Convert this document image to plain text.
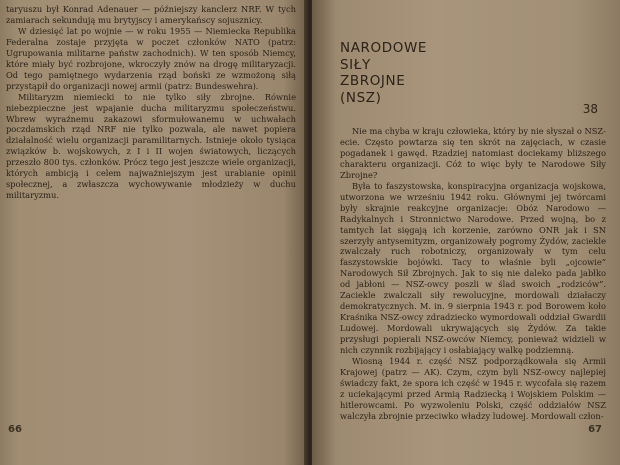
taryuszu był Konrad Adenauer — późniejszy kanclerz NRF. W tych zamiarach sekundują mu brytyjscy i amerykańscy sojusznicy.

W dziesięć lat po wojnie — w roku 1955 — Niemiecka Republika Federalna zostaje przyjęta w poczet członków NATO (patrz: Ugrupowania militarne państw zachodnich). W ten sposób Niemcy, które miały być rozbrojone, wkroczyły znów na drogę militaryzacji. Od tego pamiętnego wydarzenia rząd boński ze wzmożoną siłą przystąpił do organizacji nowej armii (patrz: Bundeswehra).

Militaryzm niemiecki to nie tylko siły zbrojne. Równie niebezpieczne jest wpajanie ducha militaryzmu społeczeństwu. Wbrew wyraźnemu zakazowi sformułowanemu w uchwałach poczdamskich rząd NRF nie tylko pozwala, ale nawet popiera działalność wielu organizacji paramilitarnych. Istnieje około tysiąca związków b. wojskowych, z I i II wojen światowych, liczących przeszło 800 tys. członków. Prócz tego jest jeszcze wiele organizacji, których ambicją i celem najważniejszym jest urabianie opinii społecznej, a zwłaszcza wychowywanie młodzieży w duchu militaryzmu.

66	67
NARODOWE
SIŁY
ZBROJNE
(NSZ)
38

Nie ma chyba w kraju człowieka, który by nie słyszał o NSZ-ecie. Często powtarza się ten skrót na zajęciach, w czasie pogadanek i gawęd. Rzadziej natomiast dociekamy bliższego charakteru organizacji. Cóż to więc były te Narodowe Siły Zbrojne?

Była to faszystowska, konspiracyjna organizacja wojskowa, utworzona we wrześniu 1942 roku. Głównymi jej twórcami były skrajnie reakcyjne organizacje: Obóz Narodowo — Radykalnych i Stronnictwo Narodowe. Przed wojną, bo z tamtych lat sięgają ich korzenie, zarówno ONR jak i SN szerzyły antysemityzm, organizowały pogromy Żydów, zaciekle zwalczały ruch robotniczy, organizowały w tym celu faszystowskie bojówki. Tacy to właśnie byli „ojcowie” Narodowych Sił Zbrojnych. Jak to się nie daleko pada jabłko od jabłoni — NSZ-owcy poszli w ślad swoich „rodziców”. Zaciekle zwalczali siły rewolucyjne, mordowali działaczy demokratycznych. M. in. 9 sierpnia 1943 r. pod Borowem koło Kraśnika NSZ-owcy zdradziecko wymordowali oddział Gwardii Ludowej. Mordowali ukrywających się Żydów. Za takie przysługi popierali NSZ-owców Niemcy, ponieważ widzieli w nich czynnik rozbijający i osłabiający walkę podziemną.

Wiosną 1944 r. część NSZ podporządkowała się Armii Krajowej (patrz — AK). Czym, czym byli NSZ-owcy najlepiej świadczy fakt, że spora ich część w 1945 r. wycofała się razem z uciekającymi przed Armią Radziecką i Wojskiem Polskim — hitlerowcami. Po wyzwoleniu Polski, część oddziałów NSZ walczyła zbrojnie przeciwko władzy ludowej. Mordowali człon-
